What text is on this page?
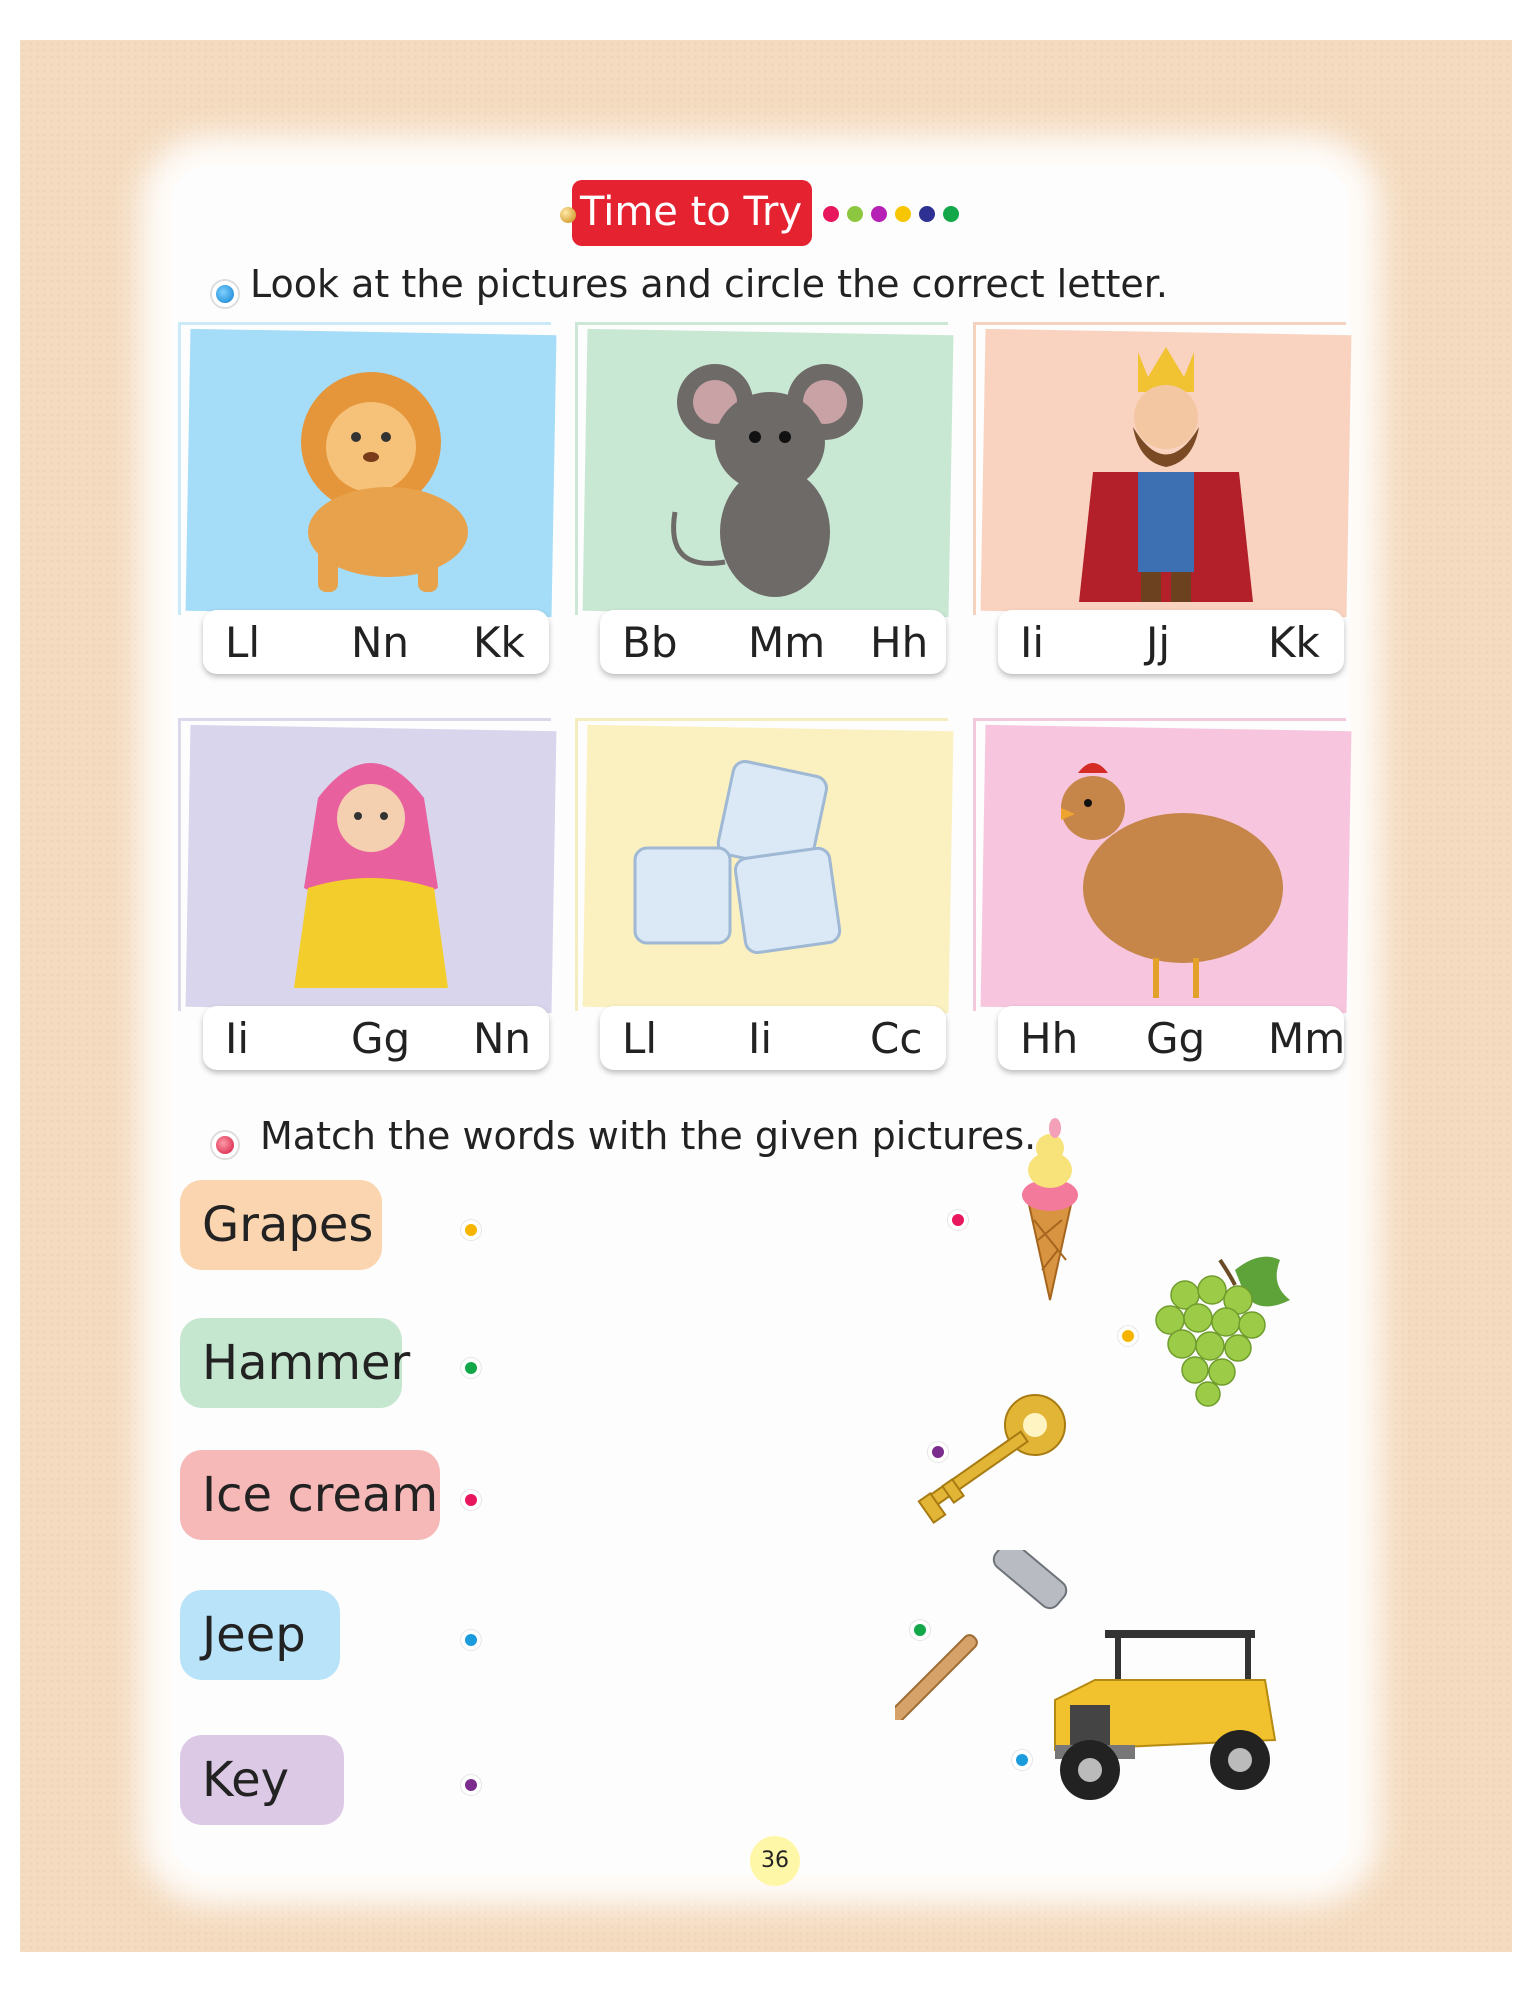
Time to Try
Look at the pictures and circle the correct letter.
Ll Nn Kk Bb Mm Hh Ii Jj Kk
Ii Gg Nn Ll Ii Cc Hh Gg Mm
Match the words with the given pictures.
Grapes
Hammer
Ice cream
Jeep
Key
36
